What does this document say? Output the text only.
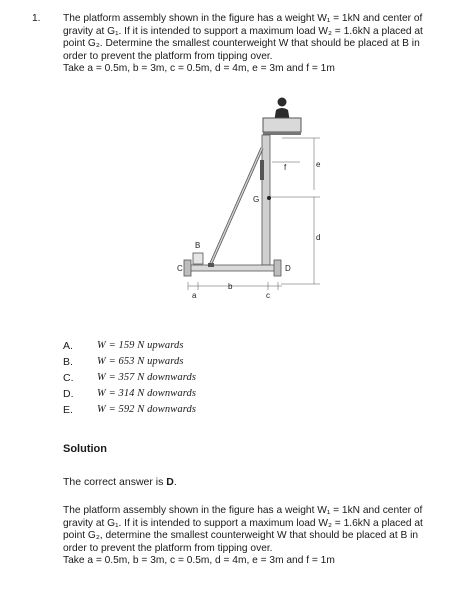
1. The platform assembly shown in the figure has a weight W₁ = 1kN and center of
gravity at G₁. If it is intended to support a maximum load W₂ = 1.6kN a placed at
point G₂. Determine the smallest counterweight W that should be placed at B in
order to prevent the platform from tipping over.
Take a = 0.5m, b = 3m, c = 0.5m, d = 4m, e = 3m and f = 1m
G
B
C	D
e
d
f
a
b
c
A. W = 159 N upwards
B. W = 653 N upwards
C. W = 357 N downwards
D. W = 314 N downwards
E. W = 592 N downwards
Solution
The correct answer is D.
The platform assembly shown in the figure has a weight W₁ = 1kN and center of
gravity at G₁. If it is intended to support a maximum load W₂ = 1.6kN a placed at
point G₂, determine the smallest counterweight W that should be placed at B in
order to prevent the platform from tipping over.
Take a = 0.5m, b = 3m, c = 0.5m, d = 4m, e = 3m and f = 1m
